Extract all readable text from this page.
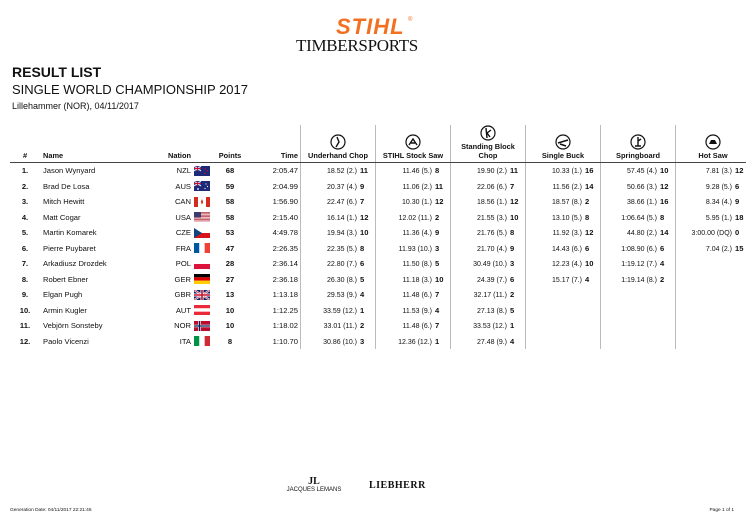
STIHL ®
TIMBERSPORTS
RESULT LIST
SINGLE WORLD CHAMPIONSHIP 2017
Lillehammer (NOR), 04/11/2017
#	Name	Nation		Points	Time	Underhand Chop	STIHL Stock Saw	Standing Block Chop	Single Buck	Springboard	Hot Saw
1.	Jason Wynyard	NZL		68	2:05.47	18.52 (2.) 11	11.46 (5.) 8	19.90 (2.) 11	10.33 (1.) 16	57.45 (4.) 10	7.81 (3.) 12
2.	Brad De Losa	AUS		59	2:04.99	20.37 (4.) 9	11.06 (2.) 11	22.06 (6.) 7	11.56 (2.) 14	50.66 (3.) 12	9.28 (5.) 6
3.	Mitch Hewitt	CAN		58	1:56.90	22.47 (6.) 7	10.30 (1.) 12	18.56 (1.) 12	18.57 (8.) 2	38.66 (1.) 16	8.34 (4.) 9
4.	Matt Cogar	USA		58	2:15.40	16.14 (1.) 12	12.02 (11.) 2	21.55 (3.) 10	13.10 (5.) 8	1:06.64 (5.) 8	5.95 (1.) 18
5.	Martin Komarek	CZE		53	4:49.78	19.94 (3.) 10	11.36 (4.) 9	21.76 (5.) 8	11.92 (3.) 12	44.80 (2.) 14	3:00.00 (DQ) 0
6.	Pierre Puybaret	FRA		47	2:26.35	22.35 (5.) 8	11.93 (10.) 3	21.70 (4.) 9	14.43 (6.) 6	1:08.90 (6.) 6	7.04 (2.) 15
7.	Arkadiusz Drozdek	POL		28	2:36.14	22.80 (7.) 6	11.50 (8.) 5	30.49 (10.) 3	12.23 (4.) 10	1:19.12 (7.) 4	
8.	Robert Ebner	GER		27	2:36.18	26.30 (8.) 5	11.18 (3.) 10	24.39 (7.) 6	15.17 (7.) 4	1:19.14 (8.) 2	
9.	Elgan Pugh	GBR		13	1:13.18	29.53 (9.) 4	11.48 (6.) 7	32.17 (11.) 2			
10.	Armin Kugler	AUT		10	1:12.25	33.59 (12.) 1	11.53 (9.) 4	27.13 (8.) 5			
11.	Vebjörn Sonsteby	NOR		10	1:18.02	33.01 (11.) 2	11.48 (6.) 7	33.53 (12.) 1			
12.	Paolo Vicenzi	ITA		8	1:10.70	30.86 (10.) 3	12.36 (12.) 1	27.48 (9.) 4			
JL
JACQUES LEMANS	LIEBHERR
Generation Date: 04/11/2017 22:21:46	Page 1 of 1
